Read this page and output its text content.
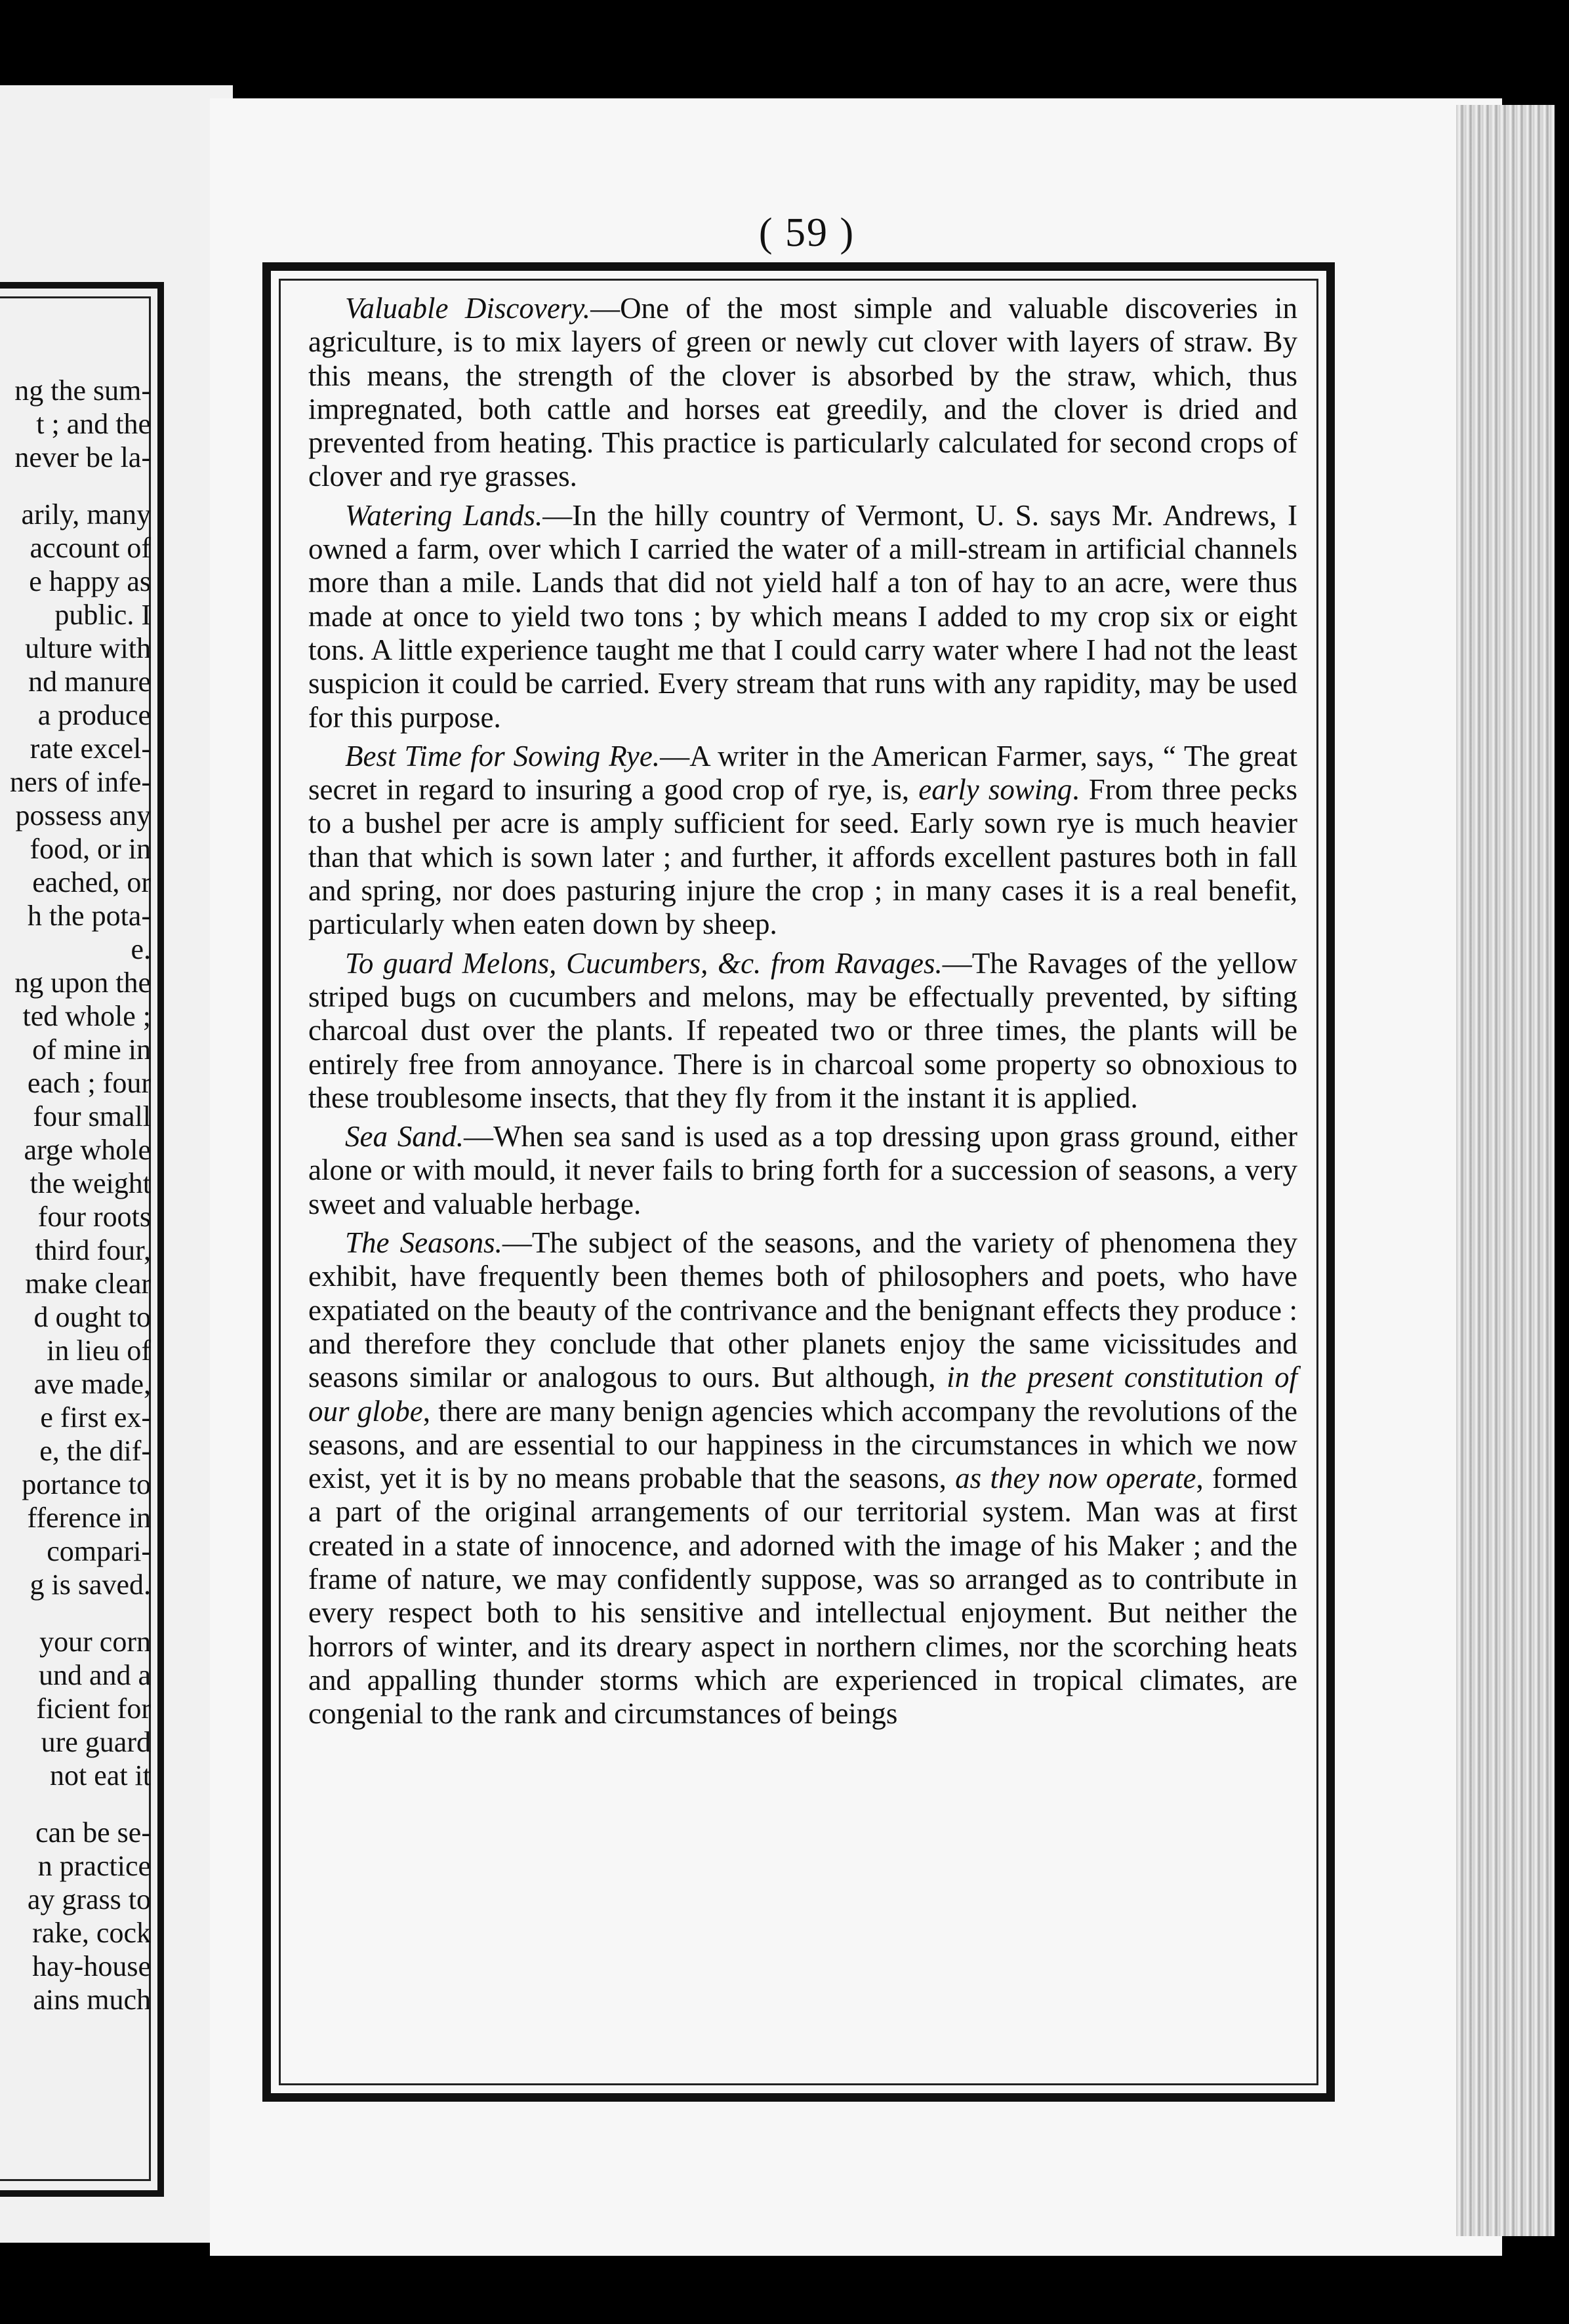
ng the sum-
t ; and the
never be la-
arily, many
account of
e happy as
public. I
ulture with
nd manure
a produce
rate excel-
ners of infe-
possess any
food, or in
eached, or
h the pota-
e.
ng upon the
ted whole ;
of mine in
each ; four
four small
arge whole
the weight
four roots
third four,
make clear
d ought to
in lieu of
ave made,
e first ex-
e, the dif-
portance to
fference in
compari-
g is saved.
your corn
und and a
ficient for
ure guard
not eat it
can be se-
n practice
ay grass to
rake, cock
hay-house
ains much
( 59 )

Valuable Discovery.—One of the most simple and valuable discoveries in agriculture, is to mix layers of green or newly cut clover with layers of straw. By this means, the strength of the clover is absorbed by the straw, which, thus impregnated, both cattle and horses eat greedily, and the clover is dried and prevented from heating. This practice is particularly calculated for second crops of clover and rye grasses.

Watering Lands.—In the hilly country of Vermont, U. S. says Mr. Andrews, I owned a farm, over which I carried the water of a mill-stream in artificial channels more than a mile. Lands that did not yield half a ton of hay to an acre, were thus made at once to yield two tons ; by which means I added to my crop six or eight tons. A little experience taught me that I could carry water where I had not the least suspicion it could be carried. Every stream that runs with any rapidity, may be used for this purpose.

Best Time for Sowing Rye.—A writer in the American Farmer, says, “ The great secret in regard to insuring a good crop of rye, is, early sowing. From three pecks to a bushel per acre is amply sufficient for seed. Early sown rye is much heavier than that which is sown later ; and further, it affords excellent pastures both in fall and spring, nor does pasturing injure the crop ; in many cases it is a real benefit, particularly when eaten down by sheep.

To guard Melons, Cucumbers, &c. from Ravages.—The Ravages of the yellow striped bugs on cucumbers and melons, may be effectually prevented, by sifting charcoal dust over the plants. If repeated two or three times, the plants will be entirely free from annoyance. There is in charcoal some property so obnoxious to these troublesome insects, that they fly from it the instant it is applied.

Sea Sand.—When sea sand is used as a top dressing upon grass ground, either alone or with mould, it never fails to bring forth for a succession of seasons, a very sweet and valuable herbage.

The Seasons.—The subject of the seasons, and the variety of phenomena they exhibit, have frequently been themes both of philosophers and poets, who have expatiated on the beauty of the contrivance and the benignant effects they produce : and therefore they conclude that other planets enjoy the same vicissitudes and seasons similar or analogous to ours. But although, in the present constitution of our globe, there are many benign agencies which accompany the revolutions of the seasons, and are essential to our happiness in the circumstances in which we now exist, yet it is by no means probable that the seasons, as they now operate, formed a part of the original arrangements of our territorial system. Man was at first created in a state of innocence, and adorned with the image of his Maker ; and the frame of nature, we may confidently suppose, was so arranged as to contribute in every respect both to his sensitive and intellectual enjoyment. But neither the horrors of winter, and its dreary aspect in northern climes, nor the scorching heats and appalling thunder storms which are experienced in tropical climates, are congenial to the rank and circumstances of beings
